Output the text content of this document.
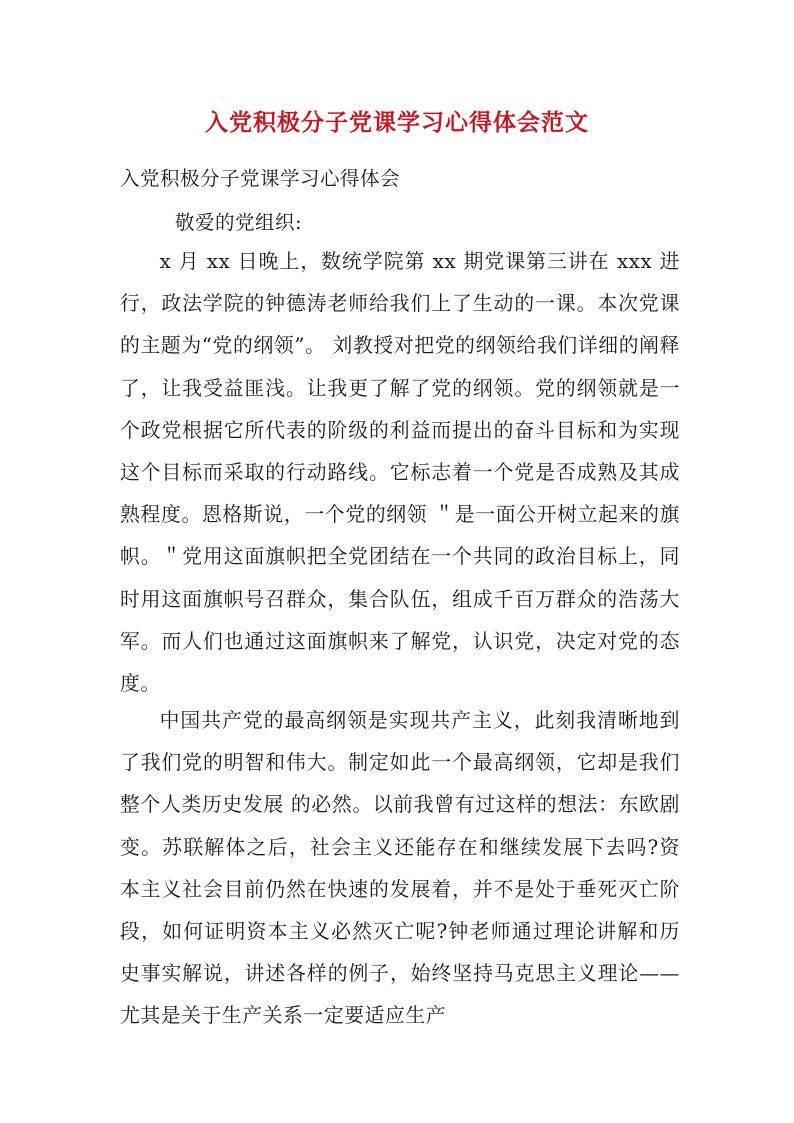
入党积极分子党课学习心得体会范文

入党积极分子党课学习心得体会

敬爱的党组织:

x 月 xx 日晚上，数统学院第 xx 期党课第三讲在 xxx 进行，政法学院的钟德涛老师给我们上了生动的一课。本次党课的主题为“党的纲领”。 刘教授对把党的纲领给我们详细的阐释了，让我受益匪浅。让我更了解了党的纲领。党的纲领就是一个政党根据它所代表的阶级的利益而提出的奋斗目标和为实现这个目标而采取的行动路线。它标志着一个党是否成熟及其成熟程度。恩格斯说，一个党的纲领 ＂是一面公开树立起来的旗帜。＂党用这面旗帜把全党团结在一个共同的政治目标上，同时用这面旗帜号召群众，集合队伍，组成千百万群众的浩荡大军。而人们也通过这面旗帜来了解党，认识党，决定对党的态度。

中国共产党的最高纲领是实现共产主义，此刻我清晰地到了我们党的明智和伟大。制定如此一个最高纲领，它却是我们整个人类历史发展 的必然。以前我曾有过这样的想法：东欧剧变。苏联解体之后，社会主义还能存在和继续发展下去吗?资本主义社会目前仍然在快速的发展着，并不是处于垂死灭亡阶段，如何证明资本主义必然灭亡呢?钟老师通过理论讲解和历史事实解说，讲述各样的例子，始终坚持马克思主义理论——尤其是关于生产关系一定要适应生产
